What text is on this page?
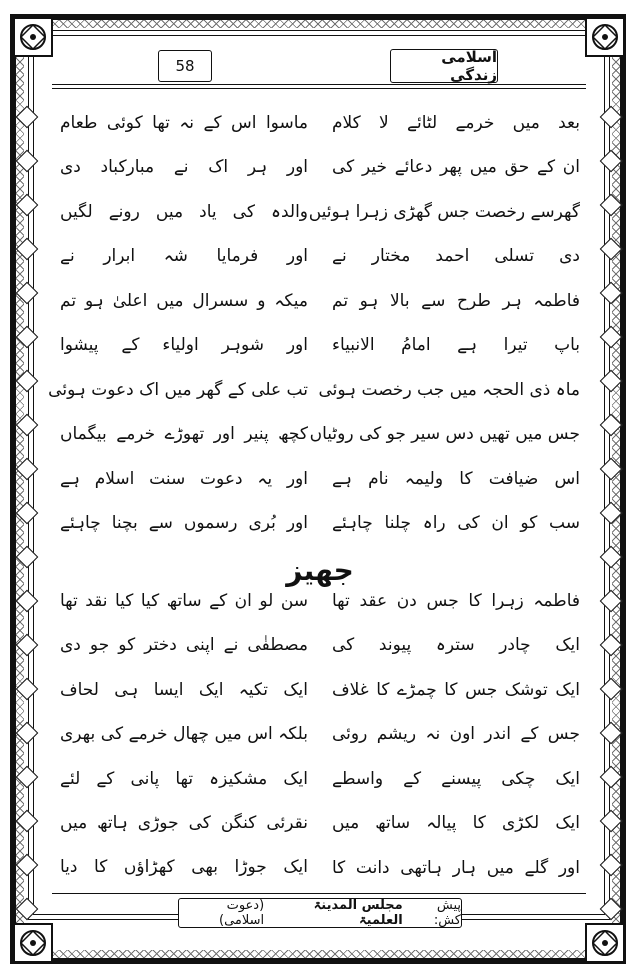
58	اسلامی زندگی
بعد میں خرمے لٹائے لا کلام
ماسوا اس کے نہ تھا کوئی طعام
ان کے حق میں پھر دعائے خیر کی
اور ہر اک نے مبارکباد دی
گھرسے رخصت جس گھڑی زہرا ہوئیں
والدہ کی یاد میں رونے لگیں
دی تسلی احمد مختار نے
اور فرمایا شہ ابرار نے
فاطمہ ہر طرح سے بالا ہو تم
میکہ و سسرال میں اعلیٰ ہو تم
باپ تیرا ہے امامُ الانبیاء
اور شوہر اولیاء کے پیشوا
ماہ ذی الحجہ میں جب رخصت ہوئی
تب علی کے گھر میں اک دعوت ہوئی
جس میں تھیں دس سیر جو کی روٹیاں
کچھ پنیر اور تھوڑے خرمے بیگماں
اس ضیافت کا ولیمہ نام ہے
اور یہ دعوت سنت اسلام ہے
سب کو ان کی راہ چلنا چاہئے
اور بُری رسموں سے بچنا چاہئے
جھیز
فاطمہ زہرا کا جس دن عقد تھا
سن لو ان کے ساتھ کیا کیا نقد تھا
ایک چادر سترہ پیوند کی
مصطفٰی نے اپنی دختر کو جو دی
ایک توشک جس کا چمڑے کا غلاف
ایک تکیہ ایک ایسا ہی لحاف
جس کے اندر اون نہ ریشم روئی
بلکہ اس میں چھال خرمے کی بھری
ایک چکی پیسنے کے واسطے
ایک مشکیزہ تھا پانی کے لئے
ایک لکڑی کا پیالہ ساتھ میں
نقرئی کنگن کی جوڑی ہاتھ میں
اور گلے میں ہار ہاتھی دانت کا
ایک جوڑا بھی کھڑاؤں کا دیا
پیش کش:
مجلس المدینۃ العلمیۃ
(دعوت اسلامی)
